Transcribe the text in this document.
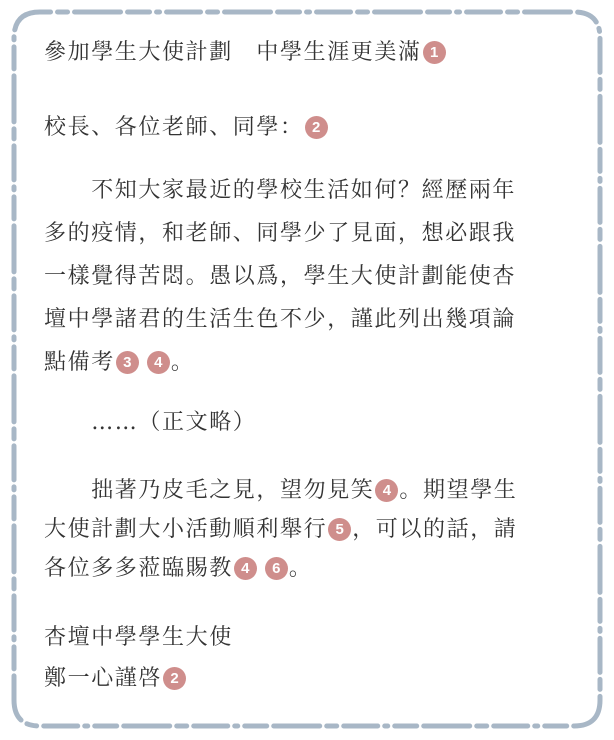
參加學生大使計劃　中學生涯更美滿 1
校長、各位老師、同學： 2
　　不知大家最近的學校生活如何？經歷兩年
多的疫情，和老師、同學少了見面，想必跟我
一樣覺得苦悶。愚以爲，學生大使計劃能使杏
壇中學諸君的生活生色不少，謹此列出幾項論
點備考 3 4 。
　　……（正文略）
　　拙著乃皮毛之見，望勿見笑 4 。期望學生
大使計劃大小活動順利舉行 5 ，可以的話，請
各位多多蒞臨賜教 4 6 。
杏壇中學學生大使
鄭一心謹啓 2
